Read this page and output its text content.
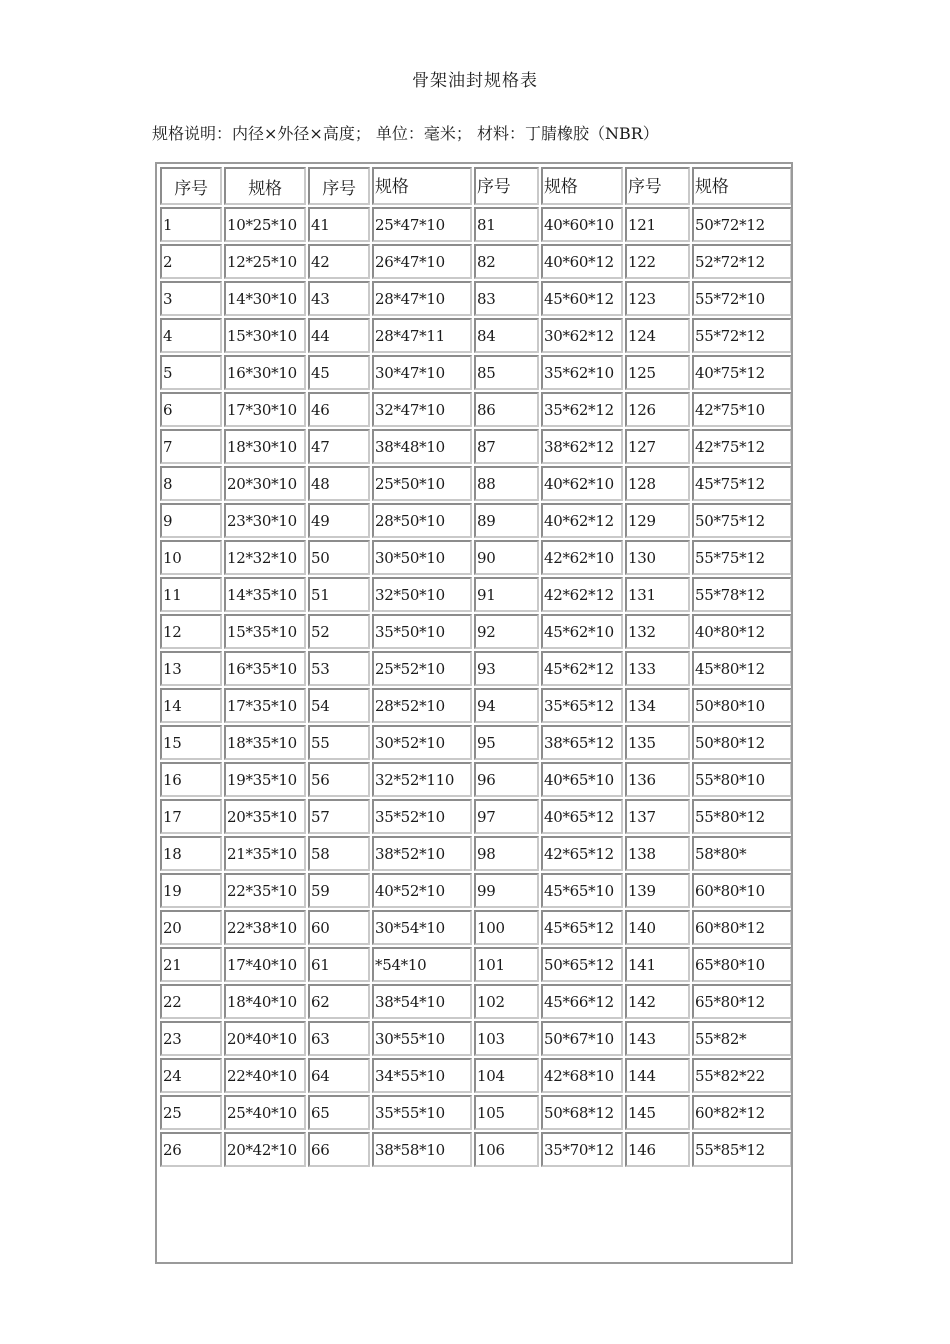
骨架油封规格表
规格说明：内径×外径×高度； 单位：毫米； 材料：丁腈橡胶（NBR）
序号	规格	序号	规格	序号	规格	序号	规格
1	10*25*10	41	25*47*10	81	40*60*10	121	50*72*12
2	12*25*10	42	26*47*10	82	40*60*12	122	52*72*12
3	14*30*10	43	28*47*10	83	45*60*12	123	55*72*10
4	15*30*10	44	28*47*11	84	30*62*12	124	55*72*12
5	16*30*10	45	30*47*10	85	35*62*10	125	40*75*12
6	17*30*10	46	32*47*10	86	35*62*12	126	42*75*10
7	18*30*10	47	38*48*10	87	38*62*12	127	42*75*12
8	20*30*10	48	25*50*10	88	40*62*10	128	45*75*12
9	23*30*10	49	28*50*10	89	40*62*12	129	50*75*12
10	12*32*10	50	30*50*10	90	42*62*10	130	55*75*12
11	14*35*10	51	32*50*10	91	42*62*12	131	55*78*12
12	15*35*10	52	35*50*10	92	45*62*10	132	40*80*12
13	16*35*10	53	25*52*10	93	45*62*12	133	45*80*12
14	17*35*10	54	28*52*10	94	35*65*12	134	50*80*10
15	18*35*10	55	30*52*10	95	38*65*12	135	50*80*12
16	19*35*10	56	32*52*110	96	40*65*10	136	55*80*10
17	20*35*10	57	35*52*10	97	40*65*12	137	55*80*12
18	21*35*10	58	38*52*10	98	42*65*12	138	58*80*
19	22*35*10	59	40*52*10	99	45*65*10	139	60*80*10
20	22*38*10	60	30*54*10	100	45*65*12	140	60*80*12
21	17*40*10	61	*54*10	101	50*65*12	141	65*80*10
22	18*40*10	62	38*54*10	102	45*66*12	142	65*80*12
23	20*40*10	63	30*55*10	103	50*67*10	143	55*82*
24	22*40*10	64	34*55*10	104	42*68*10	144	55*82*22
25	25*40*10	65	35*55*10	105	50*68*12	145	60*82*12
26	20*42*10	66	38*58*10	106	35*70*12	146	55*85*12
